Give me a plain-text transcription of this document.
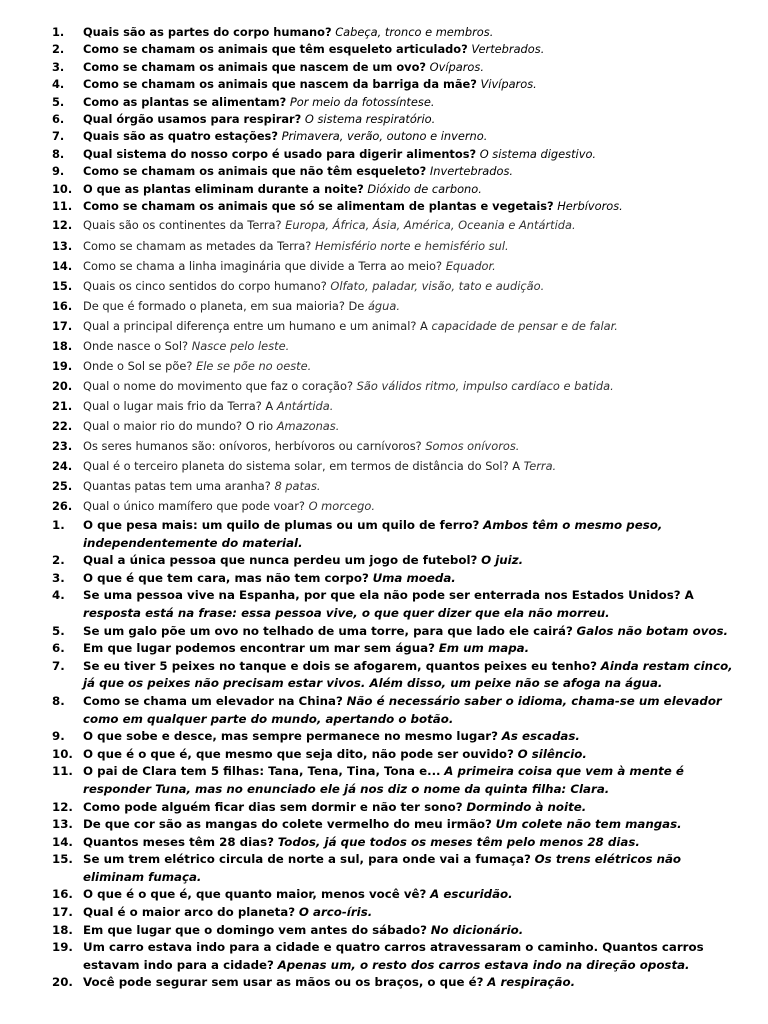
1.	Quais são as partes do corpo humano? Cabeça, tronco e membros.
2.	Como se chamam os animais que têm esqueleto articulado? Vertebrados.
3.	Como se chamam os animais que nascem de um ovo? Ovíparos.
4.	Como se chamam os animais que nascem da barriga da mãe? Vivíparos.
5.	Como as plantas se alimentam? Por meio da fotossíntese.
6.	Qual órgão usamos para respirar? O sistema respiratório.
7.	Quais são as quatro estações? Primavera, verão, outono e inverno.
8.	Qual sistema do nosso corpo é usado para digerir alimentos? O sistema digestivo.
9.	Como se chamam os animais que não têm esqueleto? Invertebrados.
10. O que as plantas eliminam durante a noite? Dióxido de carbono.
11. Como se chamam os animais que só se alimentam de plantas e vegetais? Herbívoros.
12. Quais são os continentes da Terra? Europa, África, Ásia, América, Oceania e Antártida.
13. Como se chamam as metades da Terra? Hemisfério norte e hemisfério sul.
14. Como se chama a linha imaginária que divide a Terra ao meio? Equador.
15. Quais os cinco sentidos do corpo humano? Olfato, paladar, visão, tato e audição.
16. De que é formado o planeta, em sua maioria? De água.
17. Qual a principal diferença entre um humano e um animal? A capacidade de pensar e de falar.
18. Onde nasce o Sol? Nasce pelo leste.
19. Onde o Sol se põe? Ele se põe no oeste.
20. Qual o nome do movimento que faz o coração? São válidos ritmo, impulso cardíaco e batida.
21. Qual o lugar mais frio da Terra? A Antártida.
22. Qual o maior rio do mundo? O rio Amazonas.
23. Os seres humanos são: onívoros, herbívoros ou carnívoros? Somos onívoros.
24. Qual é o terceiro planeta do sistema solar, em termos de distância do Sol? A Terra.
25. Quantas patas tem uma aranha? 8 patas.
26. Qual o único mamífero que pode voar? O morcego.
1.	O que pesa mais: um quilo de plumas ou um quilo de ferro? Ambos têm o mesmo peso, independentemente do material.
2.	Qual a única pessoa que nunca perdeu um jogo de futebol? O juiz.
3.	O que é que tem cara, mas não tem corpo? Uma moeda.
4.	Se uma pessoa vive na Espanha, por que ela não pode ser enterrada nos Estados Unidos? A resposta está na frase: essa pessoa vive, o que quer dizer que ela não morreu.
5.	Se um galo põe um ovo no telhado de uma torre, para que lado ele cairá? Galos não botam ovos.
6.	Em que lugar podemos encontrar um mar sem água? Em um mapa.
7.	Se eu tiver 5 peixes no tanque e dois se afogarem, quantos peixes eu tenho? Ainda restam cinco, já que os peixes não precisam estar vivos. Além disso, um peixe não se afoga na água.
8.	Como se chama um elevador na China? Não é necessário saber o idioma, chama-se um elevador como em qualquer parte do mundo, apertando o botão.
9.	O que sobe e desce, mas sempre permanece no mesmo lugar? As escadas.
10. O que é o que é, que mesmo que seja dito, não pode ser ouvido? O silêncio.
11. O pai de Clara tem 5 filhas: Tana, Tena, Tina, Tona e... A primeira coisa que vem à mente é responder Tuna, mas no enunciado ele já nos diz o nome da quinta filha: Clara.
12. Como pode alguém ficar dias sem dormir e não ter sono? Dormindo à noite.
13. De que cor são as mangas do colete vermelho do meu irmão? Um colete não tem mangas.
14. Quantos meses têm 28 dias? Todos, já que todos os meses têm pelo menos 28 dias.
15. Se um trem elétrico circula de norte a sul, para onde vai a fumaça? Os trens elétricos não eliminam fumaça.
16. O que é o que é, que quanto maior, menos você vê? A escuridão.
17. Qual é o maior arco do planeta? O arco-íris.
18. Em que lugar que o domingo vem antes do sábado? No dicionário.
19. Um carro estava indo para a cidade e quatro carros atravessaram o caminho. Quantos carros estavam indo para a cidade? Apenas um, o resto dos carros estava indo na direção oposta.
20. Você pode segurar sem usar as mãos ou os braços, o que é? A respiração.
